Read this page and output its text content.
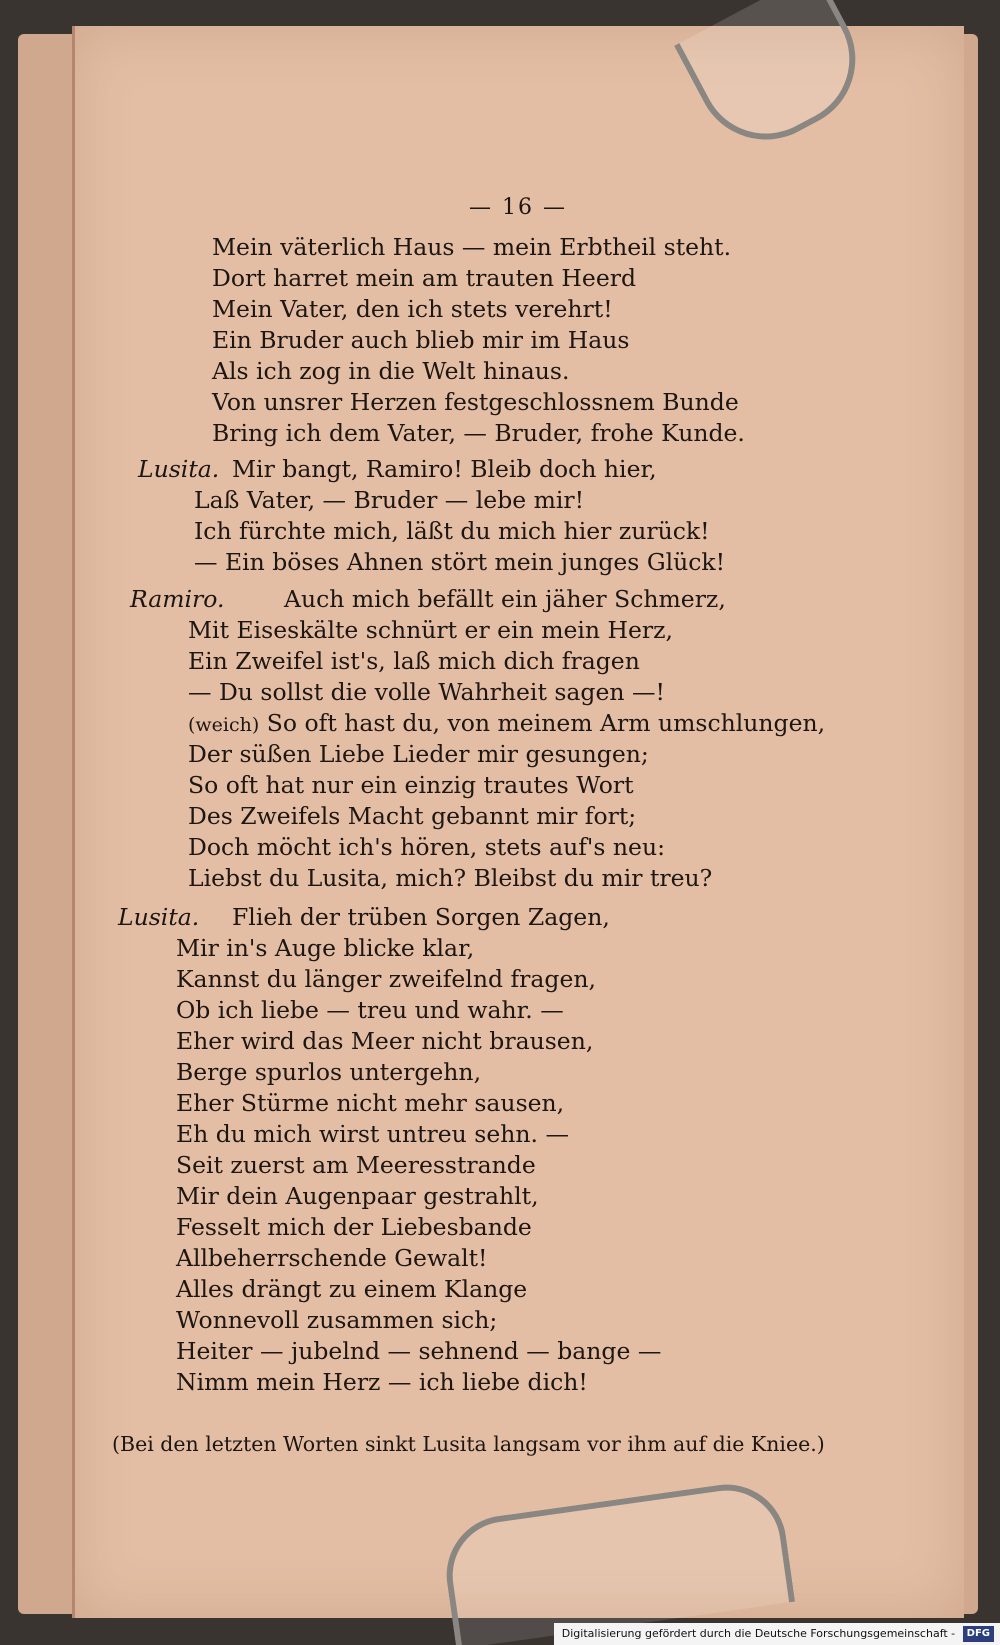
— 16 —
Mein väterlich Haus — mein Erbtheil steht.
Dort harret mein am trauten Heerd
Mein Vater, den ich stets verehrt!
Ein Bruder auch blieb mir im Haus
Als ich zog in die Welt hinaus.
Von unsrer Herzen festgeschlossnem Bunde
Bring ich dem Vater, — Bruder, frohe Kunde.
Lusita. Mir bangt, Ramiro! Bleib doch hier,
Laß Vater, — Bruder — lebe mir!
Ich fürchte mich, läßt du mich hier zurück!
— Ein böses Ahnen stört mein junges Glück!
Ramiro.	Auch mich befällt ein jäher Schmerz,
Mit Eiseskälte schnürt er ein mein Herz,
Ein Zweifel ist's, laß mich dich fragen
— Du sollst die volle Wahrheit sagen —!
(weich) So oft hast du, von meinem Arm umschlungen,
Der süßen Liebe Lieder mir gesungen;
So oft hat nur ein einzig trautes Wort
Des Zweifels Macht gebannt mir fort;
Doch möcht ich's hören, stets auf's neu:
Liebst du Lusita, mich? Bleibst du mir treu?
Lusita. Flieh der trüben Sorgen Zagen,
Mir in's Auge blicke klar,
Kannst du länger zweifelnd fragen,
Ob ich liebe — treu und wahr. —
Eher wird das Meer nicht brausen,
Berge spurlos untergehn,
Eher Stürme nicht mehr sausen,
Eh du mich wirst untreu sehn. —
Seit zuerst am Meeresstrande
Mir dein Augenpaar gestrahlt,
Fesselt mich der Liebesbande
Allbeherrschende Gewalt!
Alles drängt zu einem Klange
Wonnevoll zusammen sich;
Heiter — jubelnd — sehnend — bange —
Nimm mein Herz — ich liebe dich!
(Bei den letzten Worten sinkt Lusita langsam vor ihm auf die Kniee.)
Digitalisierung gefördert durch die Deutsche Forschungsgemeinschaft - DFG
